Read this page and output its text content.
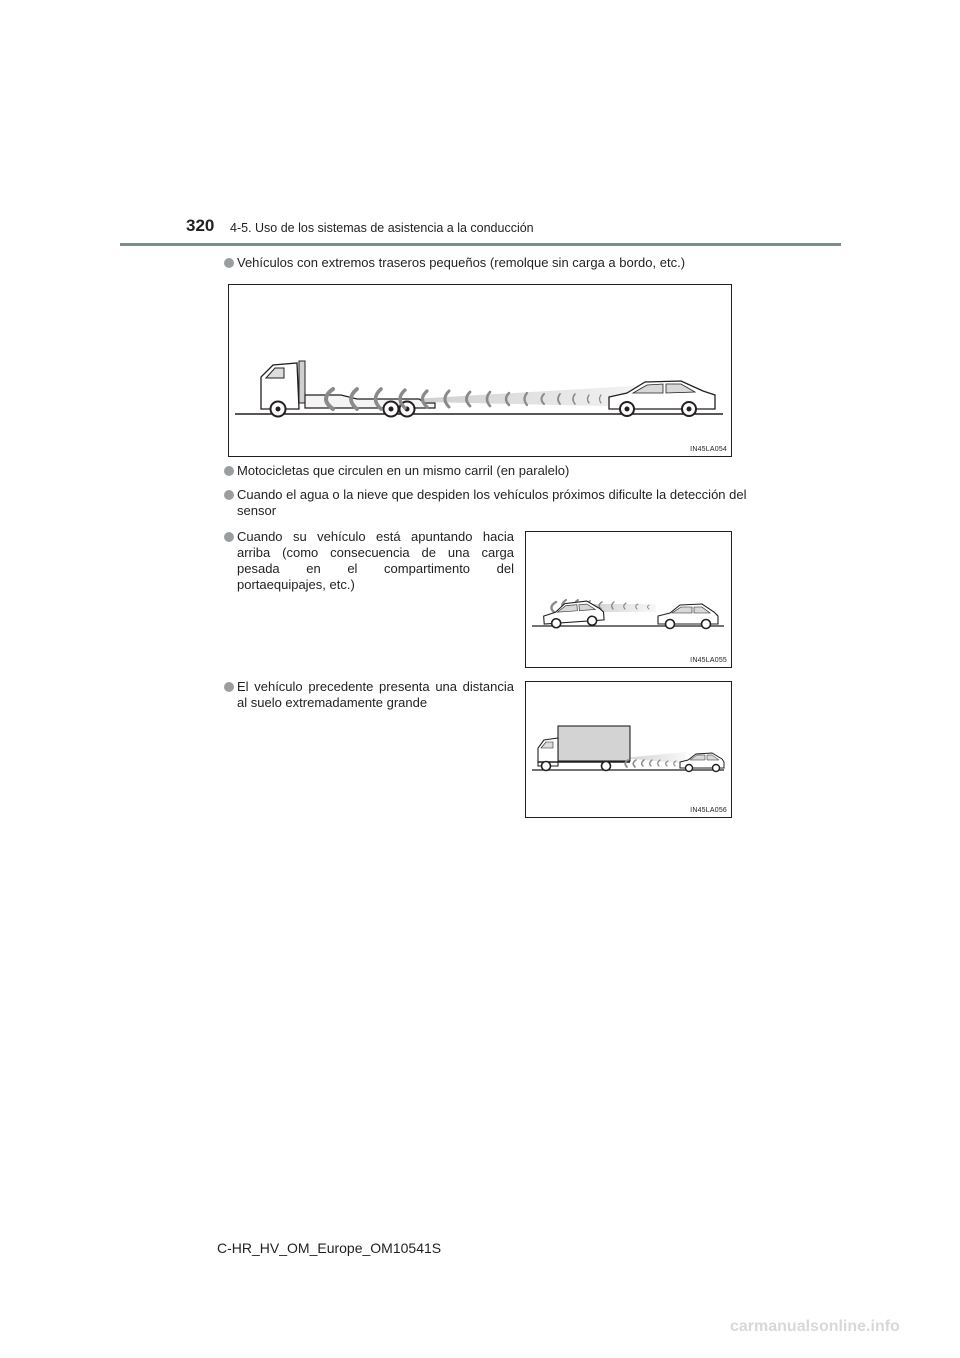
320 4-5. Uso de los sistemas de asistencia a la conducción
Vehículos con extremos traseros pequeños (remolque sin carga a bordo, etc.)
IN45LA054
Motocicletas que circulen en un mismo carril (en paralelo)
Cuando el agua o la nieve que despiden los vehículos próximos dificulte la detección del sensor
Cuando su vehículo está apuntando hacia arriba (como consecuencia de una carga pesada en el compartimento del portaequipajes, etc.)
IN45LA055
El vehículo precedente presenta una distancia al suelo extremadamente grande
IN45LA056
C-HR_HV_OM_Europe_OM10541S
carmanualsonline.info
